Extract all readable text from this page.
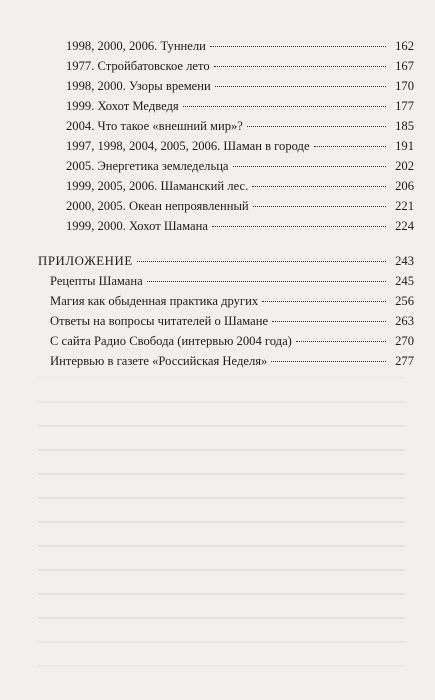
1998, 2000, 2006. Туннели	162
1977. Стройбатовское лето	167
1998, 2000. Узоры времени	170
1999. Хохот Медведя	177
2004. Что такое «внешний мир»?	185
1997, 1998, 2004, 2005, 2006. Шаман в городе	191
2005. Энергетика земледельца	202
1999, 2005, 2006. Шаманский лес.	206
2000, 2005. Океан непроявленный	221
1999, 2000. Хохот Шамана	224
ПРИЛОЖЕНИЕ	243
Рецепты Шамана	245
Магия как обыденная практика других	256
Ответы на вопросы читателей о Шамане	263
С сайта Радио Свобода (интервью 2004 года)	270
Интервью в газете «Российская Неделя»	277
